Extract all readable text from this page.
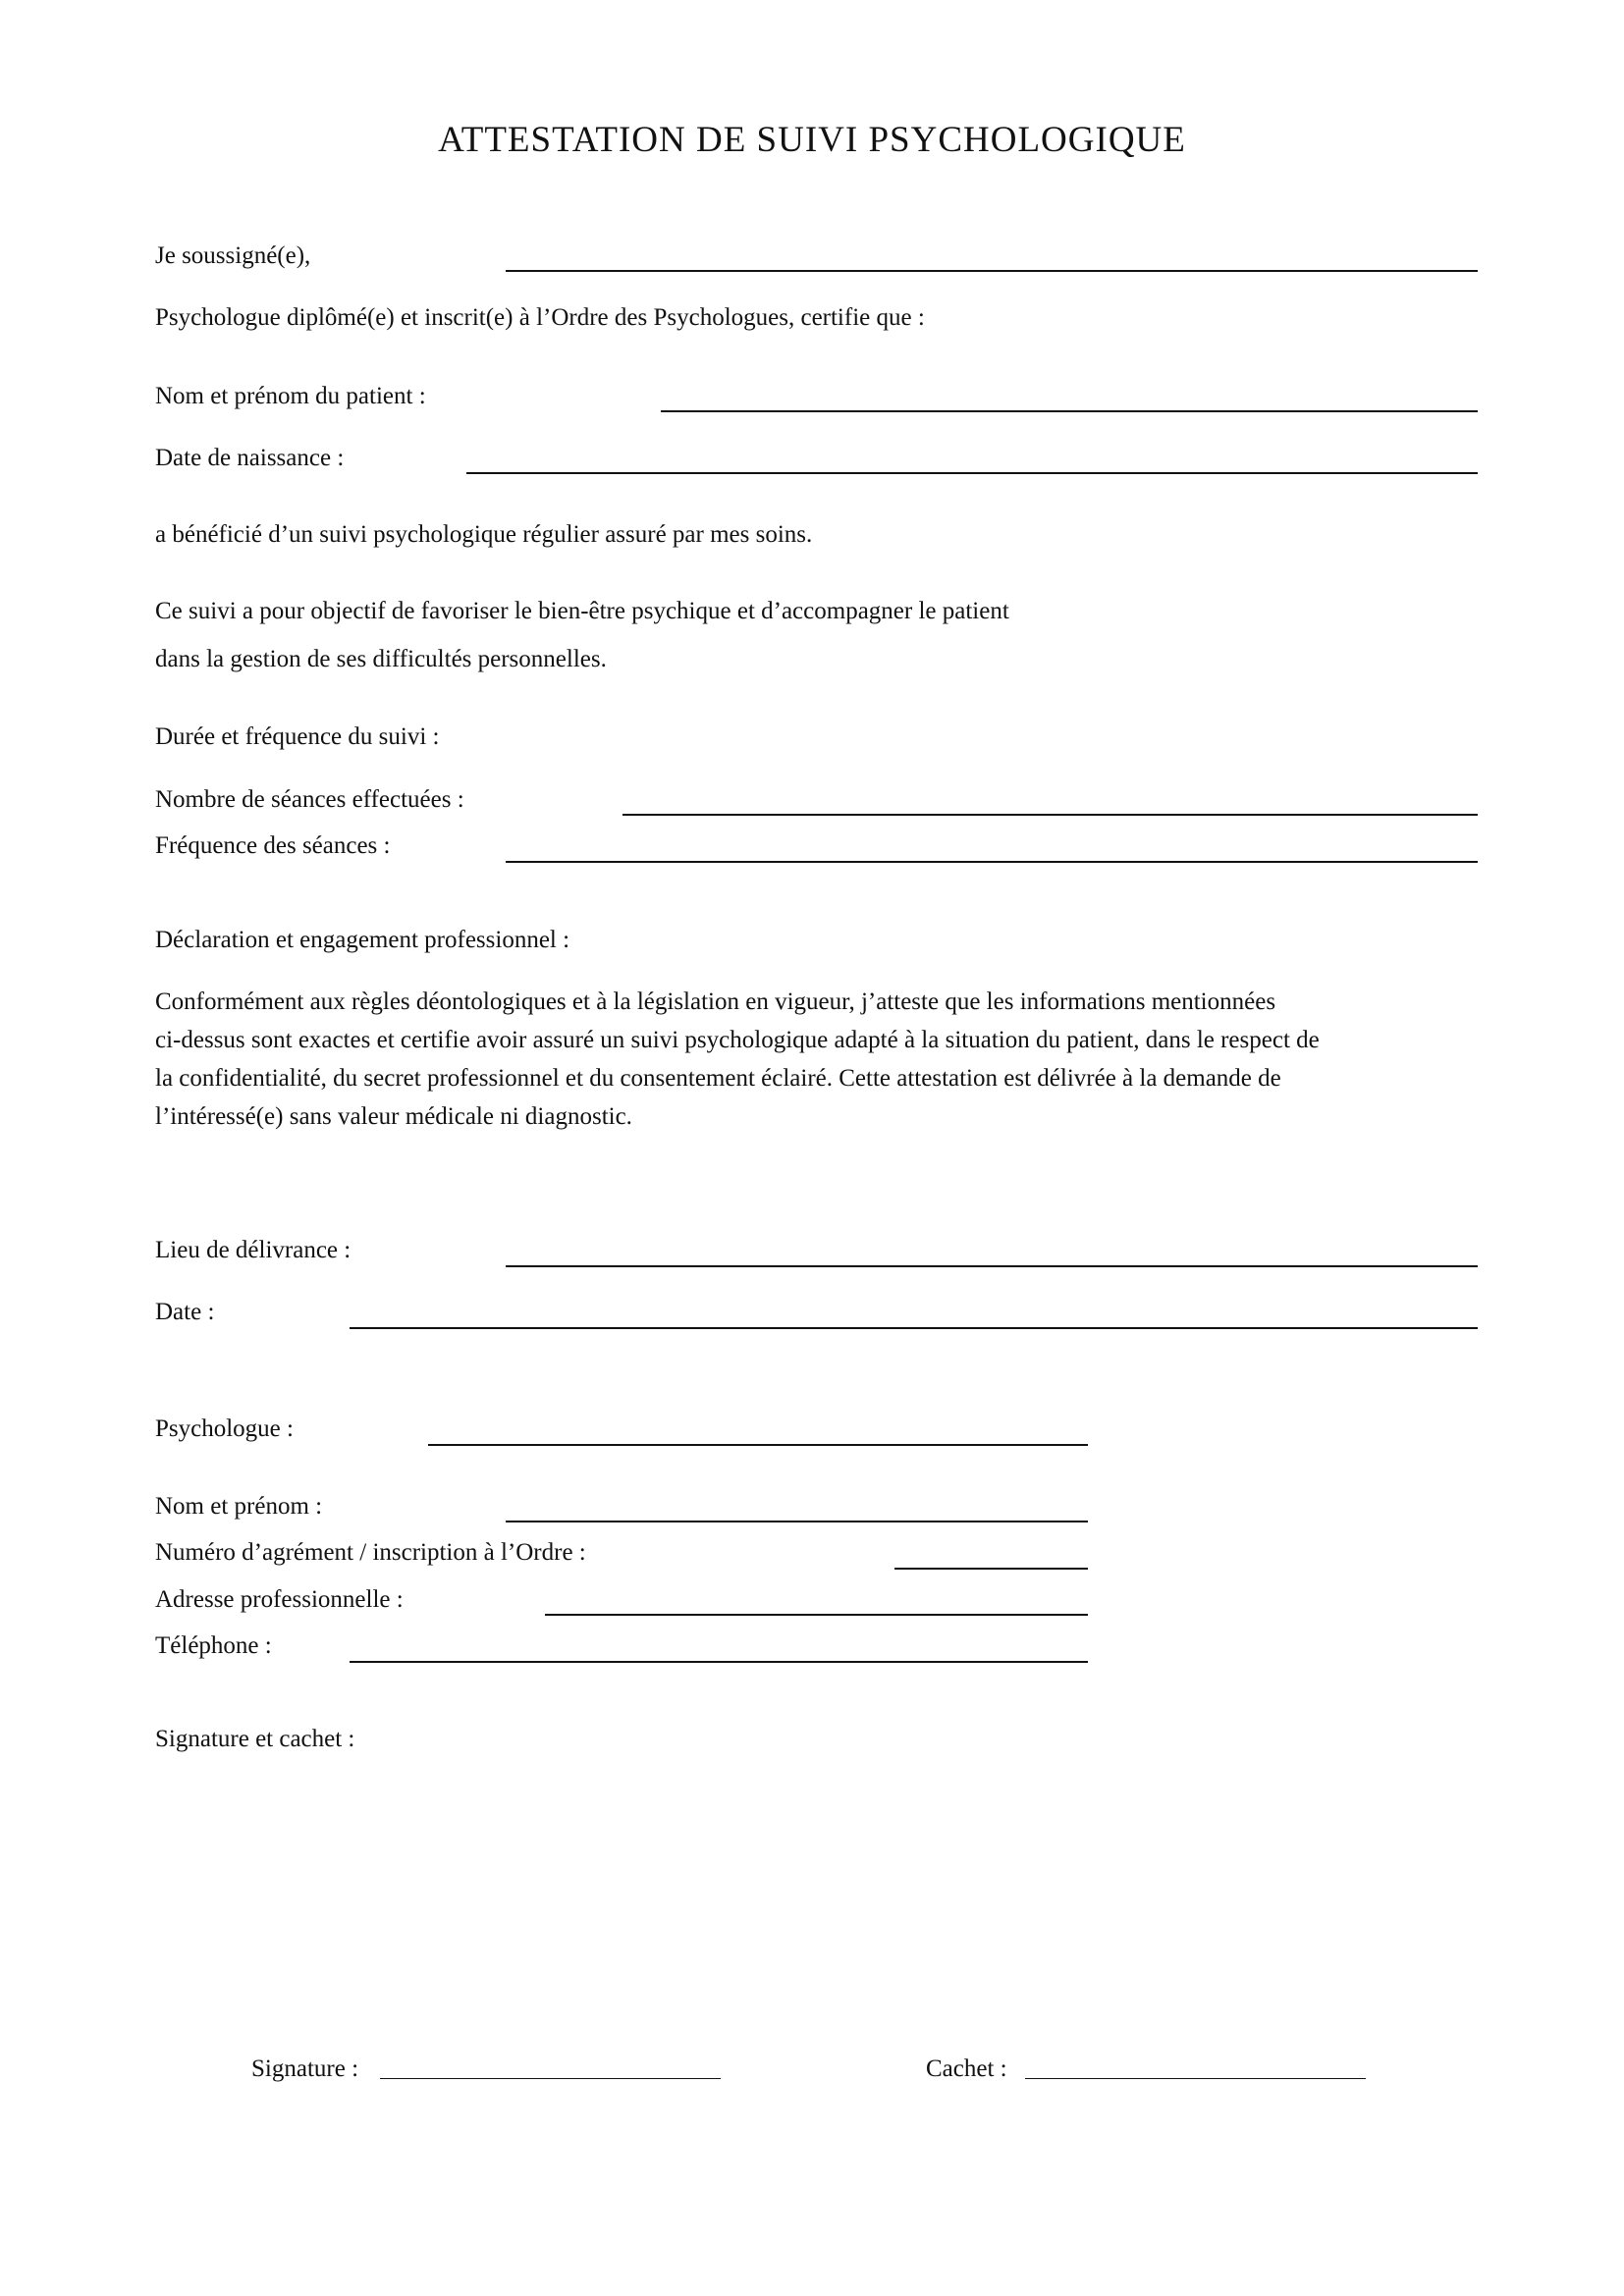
ATTESTATION DE SUIVI PSYCHOLOGIQUE
Je soussigné(e),
Psychologue diplômé(e) et inscrit(e) à l’Ordre des Psychologues, certifie que :
Nom et prénom du patient :
Date de naissance :
a bénéficié d’un suivi psychologique régulier assuré par mes soins.
Ce suivi a pour objectif de favoriser le bien-être psychique et d’accompagner le patient
dans la gestion de ses difficultés personnelles.
Durée et fréquence du suivi :
Nombre de séances effectuées :
Fréquence des séances :
Déclaration et engagement professionnel :
Conformément aux règles déontologiques et à la législation en vigueur, j’atteste que les informations mentionnées
ci-dessus sont exactes et certifie avoir assuré un suivi psychologique adapté à la situation du patient, dans le respect de
la confidentialité, du secret professionnel et du consentement éclairé. Cette attestation est délivrée à la demande de
l’intéressé(e) sans valeur médicale ni diagnostic.
Lieu de délivrance :
Date :
Psychologue :
Nom et prénom :
Numéro d’agrément / inscription à l’Ordre :
Adresse professionnelle :
Téléphone :
Signature et cachet :
Signature :	Cachet :
